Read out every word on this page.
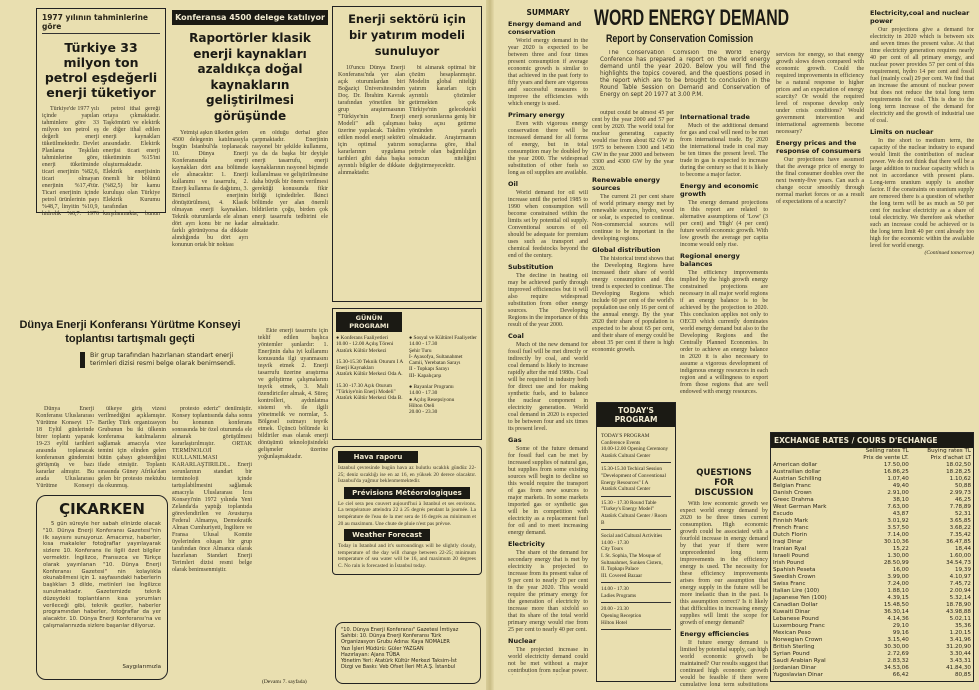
1977 yılının tahminlerine göre
Türkiye 33 milyon ton petrol eşdeğerli enerji tüketiyor
Türkiye'de 1977 yılı içinde yapılan tahminlere göre 33 milyon ton petrol eş değerli enerji tüketilmektedir. Devlet Planlama Teşkilatı tahminlerine göre, enerji tüketiminde ticari enerjinin %82,6, ticari olmayan enerjinin %17,4'tür. Ticari enerjinin içinde petrol ürünlerinin payı %48,7, linyitin %10,9, hidrolik %6,7. 1976
petrol ithal gereği ortaya çıkmaktadır. Taşkömürü ve elektrik de diğer ithal edilen enerji kaynakları arasındadır. Elektrik enerjisi ticari enerji tüketiminin %15'ini oluşturmaktadır. Elektrik enerjisinin önemli bir bölümü (%82,5) bir kamu kuruluşu olan Türkiye Elektrik Kurumu tarafından karşılanmakta, bunun
Konferansa 4500 delege katılıyor
Raportörler klasik enerji kaynakları azaldıkça doğal kaynakların geliştirilmesi görüşünde
Yetmişi aşkın ülkeden gelen 4500 delegenin katılmasıyla bugün İstanbul'da toplanacak 10. Dünya Enerji Konferansında enerji kaynakları dört ana bölümde ele alınacaktır: 1. Enerji kullanımı ve tasarrufu, 2. Enerji kullanma ile dağıtımı, 3. Birincil enerjinin dönüştürülmesi, 4. Klasik olmayan enerji kaynakları. Teknik oturumlarda ele alınan dört ayrı konu bir ne kadar farklı görünüyorsa da dikkate alındığında bu dört ayrı konunun ortak bir noktası
en olduğu derhal göze çarpmaktadır. Enerjinin rasyonel bir şekilde kullanımı, ya da da başka bir deyişle enerji tasarrufu, enerji kaynaklarının rasyonel biçimde kullanılması ve geliştirilmesine daha büyük bir önem verilmesi gerektiği konusunda fikir birliği içindedirler. İkinci bölümde yer alan önemli bildirilerin çoğu, birden çok enerji tasarrufu tedbirini ele almaktadır.
Enerji sektörü için bir yatırım modeli sunuluyor
10'uncu Dünya Enerji Konferansı'nda yer alan açık oturumlardan biri Boğaziçi Üniversitesinden Doç. Dr. İbrahim Kavrak tarafından yönetilen bir grup araştırmasının "Türkiye'nin Enerji Modeli" adlı çalışması üzerine yapılacak. Takdim edilen model enerji sektörü için optimal yatırım kararlarının uygulama tarihleri gibi daha başka ayrıntılı bilgiler de dikkate alınmaktadır.
bi alınarak optimal bir çözüm hesaplanmıştır. Modelin global niteliği yatırım kararları için ayrıntılı çözümler getirmekten çok Türkiye'nin gelecekteki enerji sorunlarına geniş bir bakış açısı getirme yönünden yararlı olmaktadır. Araştırmanın sonuçlarına göre, ithal petrole olan bağımlılığın sonucun niteliğini değiştirmeyecektir.
Dünya Enerji Konferansı Yürütme Konseyi toplantısı tartışmalı geçti
Bir grup tarafından hazırlanan standart enerji terimleri dizisi resmi belge olarak benimsendi.
Dünya Enerji Konferansı Uluslararası Yürütme Konseyi 17-18 Eylül günlerinde birer toplantı yaparak 19-23 eylül tarihleri arasında toplanacak konferansın gündemini görüşmüş ve bazı kararlar almıştır. Bu arada Uluslararası Yürütme Konseyi
ülkeye giriş vizesi verilmediğini açıklamıştır. Bartley Türk organizasyon Grubunun bu iki ülkenin konferansa katılmalarını sağlamak amacıyla vize temini için elinden gelen bütün çabayı gösterdiğini ifade etmiştir. Toplantı sırasında Güney Afrika'dan gelen bir protesto mektubu da okunmuş.
protesto ederiz" denilmiştir. Konsey toplantısında daha sonra bu konunun konferans sonrasında bir özel oturumda ele alınarak görüşülmesi kararlaştırılmıştır. ORTAK TERMİNOLOJİ KULLANILMASI KARARLAŞTIRILDI... Enerji sorunlarının standart bir terminoloji içinde tartışılabilmesini sağlamak amacıyla Uluslararası İcra Konseyi'nin 1972 yılında Yeni Zelanda'da yaptığı toplantıda görevlendirilen ve Avusturya Federal Almanya, Demokratik Alman Cumhuriyeti, İngiltere ve Fransa Ulusal Komite üyelerinden oluşan bir grup tarafından önce Almanca olarak hazırlanan Standart Enerji Terimleri dizisi resmi belge olarak benimsenmiştir.
Ekte enerji tasarrufu için teklif edilen başlıca yöntemler şunlardır: 1. Enerjinin daha iyi kullanımı konusunda ilgi uyanmasını teşvik etmek 2. Enerji tasarrufu üzerine araştırma ve geliştirme çalışmalarını teşvik etmek, 3. Mali özendiriciler almak, 4. Süreç kontrolleri, aydınlatma sistemi vb. ile ilgili yönetmelik ve normlar, 5. Bölgesel ısıtmayı teşvik etmek. Üçüncü bölümde ki bildiriler esas olarak enerji dönüşümü teknolojisindeki gelişmeler üzerine yoğunlaşmaktadır.
(Devamı 7. sayfada)
ÇIKARKEN
5 gün süreyle her sabah elinizde olacak "10. Dünya Enerji Konferansı Gazetesi"nin ilk sayısını sunuyoruz. Amacımız, haberler, kısa makaleler fotoğraflar yayınlayarak sizlere 10. Konferans ile ilgili özet bilgiler vermektir. İngilizce, Fransızca ve Türkçe olarak yayınlanan "10. Dünya Enerji Konferansı Gazetesi" nin kolaylıkla okunabilmesi için 1. sayfasındaki haberlerin başlıkları 3 dilde, metinleri ise İngilizce sunulmaktadır. Gazetemizde teknik düzeydeki toplantıların kısa yorumları verileceği gibi, teknik geziler, haberler programından haberler, fotoğraflar da yer alacaktır. 10. Dünya Enerji Konferansı'na ve çalışmalarınızda sizlere başarılar diliyoruz.
Saygılarımızla
GÜNÜN PROGRAMI
● Konferans Faaliyetleri
10.00 - 12.00 Açılış Töreni
Atatürk Kültür Merkezi
15.30-15.30 Teknik Oturum I A Enerji Kaynakları
Atatürk Kültür Merkezi Oda A.
15.30 -17.30 Açık Oturum "Türkiye'nin Enerji Modeli"
Atatürk Kültür Merkezi Oda B.
● Sosyal ve Kültürel Faaliyetler
14.00 - 17.30
Şehir Turu
I- Ayasofya, Sultanahmet Camii, Yerebatan Sarayı
II - Topkapı Sarayı
III- Kapalıçarşı
● Bayanlar Programı
14.00 - 17.30
● Açılış Resepsiyonu
Hilton Oteli
20.00 - 23.30
Hava raporu
İstanbul çevresinde bugün hava az bulutlu sıcaklık gündüz 22-25; deniz sıcaklığı ise en az 16, en yüksek 20 derece olacaktır. İstanbul'da yağmur beklenmemektedir.
Prévisions Météorologiques
Le ciel sera peu couvert aujourd'hui à İstanbul et ses environs. La température atteindra 22 à 25 degrés pendant la journée. La température de l'eau de la mer sera de 16 degrés au minimum et 20 au maximum. Une chute de pluie n'est pas prévue.
Weather Forecast
Today in İstanbul and it's surroundings will be slightly cloudy, temperature of the day will change between 22-25; minimum temperature of sea water will be 16, and maximum 20 degrees C. No rain is forecasted in İstanbul today.
"10. Dünya Enerji Konferansı" Gazetesi İmtiyaz Sahibi: 10. Dünya Enerji Konferansı Türk Organizasyon Grubu Adına: Kaya NOMALER
Yazı İşleri Müdürü: Güler YAZGAN
Hazırlayan: Ajans TÜBA
Yönetim Yeri: Atatürk Kültür Merkezi Taksim-İst
Dizgi ve Baskı: Veb Ofset İleri Mt.A.Ş. İstanbul
SUMMARY
Energy demand and conservation
World energy demand in the year 2020 is expected to be between three and four times present consumption if average economic growth is similar to that achieved in the past forty to fifty years and there are vigorous and successful measures to improve the efficiencies with which energy is used.
Primary energy
Even with vigorous energy conservation there will be increased demand for all forms of energy, but in total consumption may be doubled by the year 2000. The widespread substitution of other fuels so long as oil supplies are available.
Oil
World demand for oil will increase until the period 1985 to 1990 when consumption will become constrained within the limits set by potential oil supply. Conventional sources of oil should be adequate for premium uses such as transport and chemical feedstocks beyond the end of the century.
Substitution
The decline in heating oil may be achieved partly through improved efficiencies but it will also require widespread substitution from other energy sources. The Developing Regions in the importance of this result of the year 2000.
Coal
Much of the new demand for fossil fuel will be met directly or indirectly by coal, and world coal demand is likely to increase rapidly after the mid 1980s. Coal will be required in industry both for direct use and for making synthetic fuels, and to balance the nuclear component in electricity generation. World coal demand in 2020 is expected to be between four and six times its present level.
Gas
Some of the future demand for fossil fuel can be met by increased supplies of natural gas, but supplies from some existing sources will begin to decline so this would require the transport of gas from new sources to major markets. In some markets imported gas or synthetic gas will be in competition with electricity as a replacement fuel for oil and to meet increasing energy demand.
Electricity
The share of the demand for secondary energy that is met by electricity is projected to increase from its present value of 9 per cent to nearly 20 per cent in the year 2020. This would require the primary energy for the generation of electricity to increase more than sixfold so that its share of the total world primary energy would rise from 25 per cent to nearly 40 per cent.
Nuclear
The projected increase in world electricity demand could not be met without a major contribution from nuclear power.
WORD ENERGY DEMAND
Report by Conservation Comission
The Conservation Comision the World Energy Conference has prepared a report on the world energy demand until the year 2020. Below you will find the highlights the topics covered, and the questions posed in the report which are to be brought to conclusion in the Round Table Session on Demand and Conservation of Energy on sept 20 1977 at 3.00 P.M.
output could be almost 45 per cent by the year 2000 and 57 per cent by 2020. The world total for nuclear generating capacity would rise from about 82 GW in 1975 to between 1300 and 1450 GW in the year 2000 and between 3300 and 4300 GW by the year 2020.
Renewable energy sources
The current 21 per cent share of world primary energy met by renewable sources, hydro, wood or solar, is expected to continue. Non-commercial sources will continue to be important in the developing regions.
Global distribution
The historical trend shows that the Developing Regions have increased their share of world energy consumption and this trend is expected to continue. The Developing Regions which include 60 per cent of the world's population use only 16 per cent of the annual energy. By the year 2020 their share of population is expected to be about 65 per cent, and their share of energy could be about 35 per cent if there is high economic growth.
International trade
Much of the additional demand for gas and coal will need to be met from international trade. By 2020 the international trade in coal may be ten times the present level. The trade in gas is expected to increase during the century so that it is likely to become a major factor.
Energy and economic growth
The energy demand projections in this report are related to alternative assumptions of 'Low' (3 per cent) and 'High' (4 per cent) future world economic growth. With low growth the average per capita income would only rise.
Regional energy balances
The efficiency improvements implied by the high growth energy constrained projections are necessary in all major world regions if an energy balance is to be achieved by the projection to 2020. This conclusion applies not only to OECD which currently dominates world energy demand but also to the Developing Regions and the Centrally Planned Economies. In order to achieve an energy balance in 2020 it is also necessary to assume a vigorous development of indigenous energy resources in each region and a willingness to export from those regions that are well endowed with energy resources.
services for energy, so that energy growth slows down compared with economic growth. Could the required improvements in efficiency be a natural response to higher prices and an expectation of energy scarcity? Or would the required level of response develop only under crisis conditions? Would government intervention and international agreements become necessary?
Energy prices and the response of consumers
Our projections have assumed that the average price of energy to the final consumer doubles over the next twenty-five years. Can such a change occur smoothly through normal market forces or as a result of expectations of a scarcity?
Electricity,coal and nuclear power
Our projections give a demand for electricity in 2020 which is between six and seven times the present value. At that time electricity generation requires nearly 40 per cent of all primary energy, and nuclear power provides 57 per cent of this requirement, hydro 14 per cent and fossil fuel (mainly coal) 29 per cent. We find that an increase the amount of nuclear power but does not reduce the total long term requirements for coal. This is due to the long term increase of the demand for electricity and the growth of industrial use of coal.
Limits on nuclear
In the short to medium term, the capacity of the nuclear industry to expand would limit the contribution of nuclear power. We do not think that there will be a large addition to nuclear capacity which is not in accordance with present plans. Long-term uranium supply is another factor. If the constraints on uranium supply are removed there is a question of whether the long term will be as much as 50 per cent for nuclear electricity as a share of total electricity. We therefore ask whether such an increase could be achieved or is the long term limit 40 per cent already too high for the economic within the available level for world energy.
(Continued tomorrow)
QUESTIONS FOR DISCUSSION
With low economic growth we expect world energy demand by 2020 to be three times current consumption. High economic growth could be associated with a fourfold increase in energy demand by that year if there were unprecedented long term improvements in the efficiency energy is used. The necessity for these efficiency improvements arises from our assumption that energy supply in the future will be more inelastic than in the past. Is this assumption correct? Is it likely that difficulties in increasing energy supplies will limit the scope for growth of energy demand?
Energy efficiencies
If future energy demand is limited by potential supply, can high world economic growth be maintained? Our results suggest that continued high economic growth would be feasible if there were cumulative long term substitutions
TODAY'S PROGRAM
TODAY'S PROGRAM
Conference Events
10.00-12.00 Opening Ceremony
Atatürk Cultural Center
15.30-15.30 Techical Session
"Development of Conventional Energy Resources" I A
Atatürk Cultural Center
15.30 - 17.30 Round Table
"Turkey's Energy Model"
Atatürk Cultural Center / Room B
Social and Cultural Activities
14.00 - 17.30
City Tours
I. St. Sophia, The Mosque of Sultanahmet, Sunken Cistern,
II. Topkapı Palace
III. Covered Bazaar
14.00 - 17.30
Ladies Programs
20.00 - 23.30
Opening Reception
Hilton Hotel
EXCHANGE RATES / COURS D'ECHANGE
	Selling rates TL
Prix de vente LT.	Buying rates TL
Prix d'achat LT
American dollar	17.50,00	18.02,50
Austrailian dollar	16.86,25	18.28,25
Austrian Schilling	1.07,40	1.10,62
Belgian Franc	49,40	50,88
Danish Crown	2.91,00	2.99,73
Greec Drahma	38,10	46,25
West German Mark	7.63,00	7.78,89
Escudo	43,87	52,31
Finnish Mark	3.01,92	3.65,85
French Franc	3.57,50	3.68,22
Dutch Florin	7.14,00	7.35,42
Iraqi Dinar	30.10,36	36.47,85
Iranian Ryal	15,22	18,44
Israeli Pound	1.30,00	1.60,00
Irish Pound	28.50,99	34.54,73
Spahish Peseta	16,00	19,39
Swedish Crown	3.99,00	4.10,97
Swiss Franc	7.24,00	7.45,72
Italian Lire (100)	1.88,10	2.00,94
Japanese Yen (100)	4.39,15	5.32,14
Canadian Dollar	15.48,50	18.78,90
Kuwaiti Dinar	36.30,14	43.98,88
Lebanese Pound	4.14,36	5.02,11
Luxembourg Franc	29,10	35,36
Mexican Peso	99,16	1.20,15
Norwegian Crown	3.15,40	3.41,96
British Sterling	30.30,00	31.20,90
Syrian Pound	2.72,69	3.30,44
Saudi Arabian Ryal	2.83,32	3.43,31
Jordanian Dinar	34.53,06	41.84,30
Yugoslavian Dinar	66,42	80,85
